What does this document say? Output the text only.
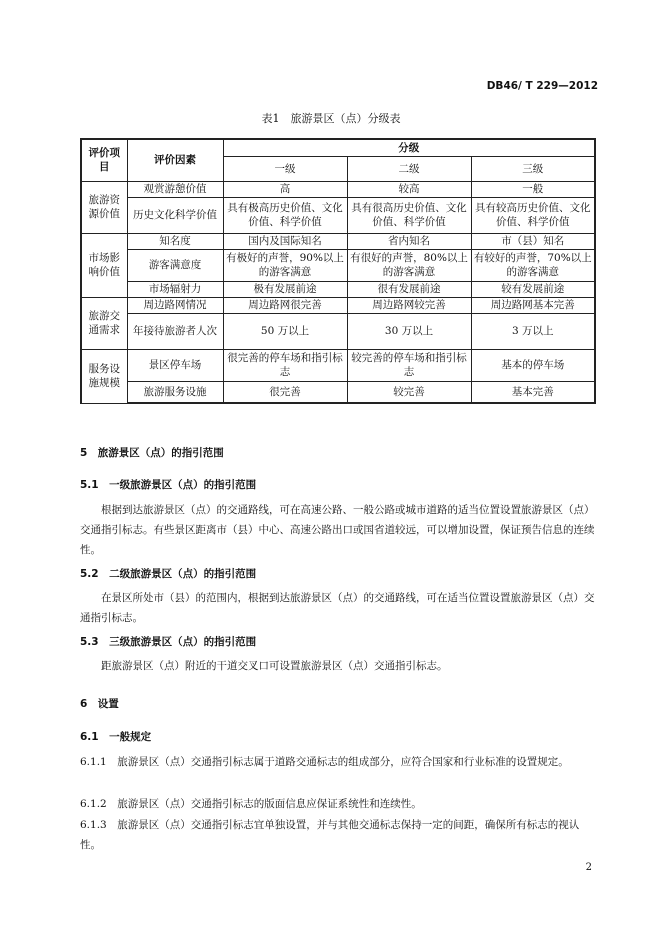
DB46/ T 229—2012
表1　旅游景区（点）分级表
评价项目	评价因素	分级		
		一级	二级	三级
旅游资源价值	观赏游憩价值	高	较高	一般
	历史文化科学价值	具有极高历史价值、文化价值、科学价值	具有很高历史价值、文化价值、科学价值	具有较高历史价值、文化价值、科学价值
市场影响价值	知名度	国内及国际知名	省内知名	市（县）知名
	游客满意度	有极好的声誉，90%以上的游客满意	有很好的声誉，80%以上的游客满意	有较好的声誉，70%以上的游客满意
	市场辐射力	极有发展前途	很有发展前途	较有发展前途
旅游交通需求	周边路网情况	周边路网很完善	周边路网较完善	周边路网基本完善
	年接待旅游者人次	50 万以上	30 万以上	3 万以上
服务设施规模	景区停车场	很完善的停车场和指引标志	较完善的停车场和指引标志	基本的停车场
	旅游服务设施	很完善	较完善	基本完善
5　旅游景区（点）的指引范围
5.1　一级旅游景区（点）的指引范围
根据到达旅游景区（点）的交通路线，可在高速公路、一般公路或城市道路的适当位置设置旅游景区（点）交通指引标志。有些景区距离市（县）中心、高速公路出口或国省道较远，可以增加设置，保证预告信息的连续性。
5.2　二级旅游景区（点）的指引范围
在景区所处市（县）的范围内，根据到达旅游景区（点）的交通路线，可在适当位置设置旅游景区（点）交通指引标志。
5.3　三级旅游景区（点）的指引范围
距旅游景区（点）附近的干道交叉口可设置旅游景区（点）交通指引标志。
6　设置
6.1　一般规定
6.1.1　旅游景区（点）交通指引标志属于道路交通标志的组成部分，应符合国家和行业标准的设置规定。
6.1.2　旅游景区（点）交通指引标志的版面信息应保证系统性和连续性。
6.1.3　旅游景区（点）交通指引标志宜单独设置，并与其他交通标志保持一定的间距，确保所有标志的视认性。
2
